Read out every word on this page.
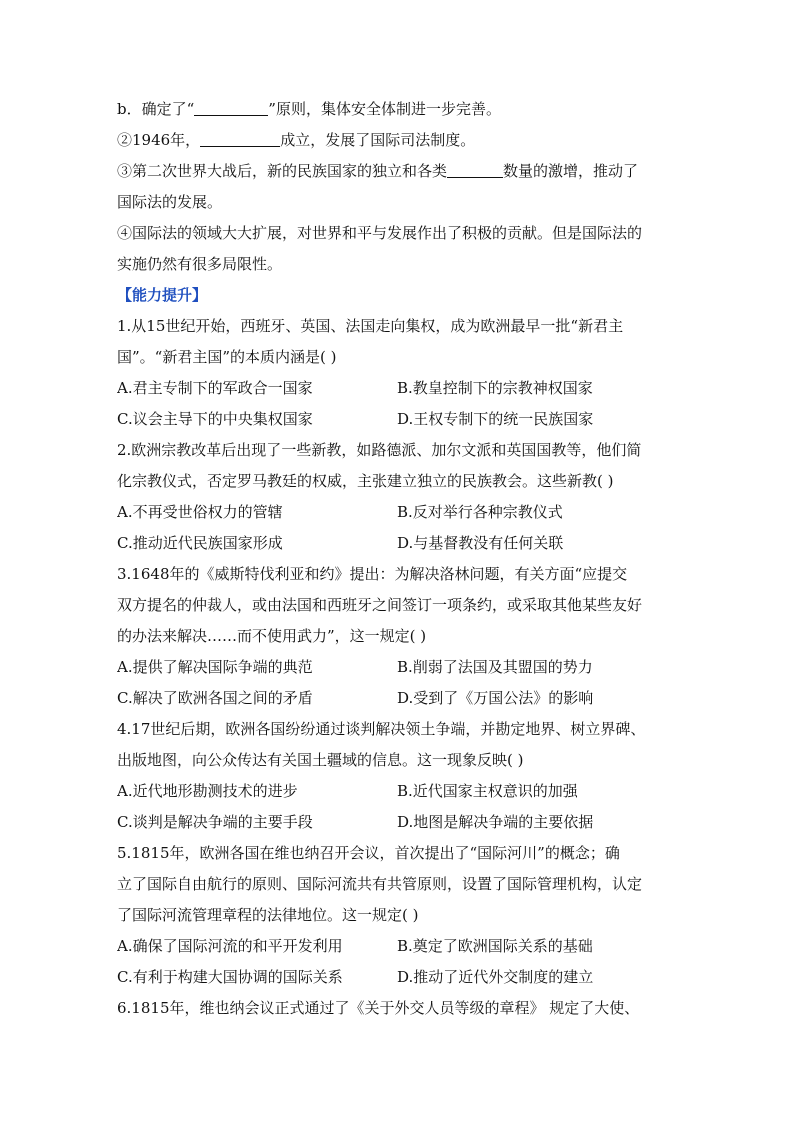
b．确定了“	”原则，集体安全体制进一步完善。
②1946年，	成立，发展了国际司法制度。
③第二次世界大战后，新的民族国家的独立和各类	数量的激增，推动了
国际法的发展。
④国际法的领域大大扩展，对世界和平与发展作出了积极的贡献。但是国际法的
实施仍然有很多局限性。
【能力提升】
1.从15世纪开始，西班牙、英国、法国走向集权，成为欧洲最早一批“新君主
国”。“新君主国”的本质内涵是( )
A.君主专制下的军政合一国家	B.教皇控制下的宗教神权国家
C.议会主导下的中央集权国家	D.王权专制下的统一民族国家
2.欧洲宗教改革后出现了一些新教，如路德派、加尔文派和英国国教等，他们简
化宗教仪式，否定罗马教廷的权威，主张建立独立的民族教会。这些新教( )
A.不再受世俗权力的管辖	B.反对举行各种宗教仪式
C.推动近代民族国家形成	D.与基督教没有任何关联
3.1648年的《威斯特伐利亚和约》提出：为解决洛林问题，有关方面“应提交
双方提名的仲裁人，或由法国和西班牙之间签订一项条约，或采取其他某些友好
的办法来解决……而不使用武力”，这一规定( )
A.提供了解决国际争端的典范	B.削弱了法国及其盟国的势力
C.解决了欧洲各国之间的矛盾	D.受到了《万国公法》的影响
4.17世纪后期，欧洲各国纷纷通过谈判解决领土争端，并勘定地界、树立界碑、
出版地图，向公众传达有关国土疆域的信息。这一现象反映( )
A.近代地形勘测技术的进步	B.近代国家主权意识的加强
C.谈判是解决争端的主要手段	D.地图是解决争端的主要依据
5.1815年，欧洲各国在维也纳召开会议，首次提出了“国际河川”的概念；确
立了国际自由航行的原则、国际河流共有共管原则，设置了国际管理机构，认定
了国际河流管理章程的法律地位。这一规定( )
A.确保了国际河流的和平开发利用	B.奠定了欧洲国际关系的基础
C.有利于构建大国协调的国际关系	D.推动了近代外交制度的建立
6.1815年，维也纳会议正式通过了《关于外交人员等级的章程》 规定了大使、
